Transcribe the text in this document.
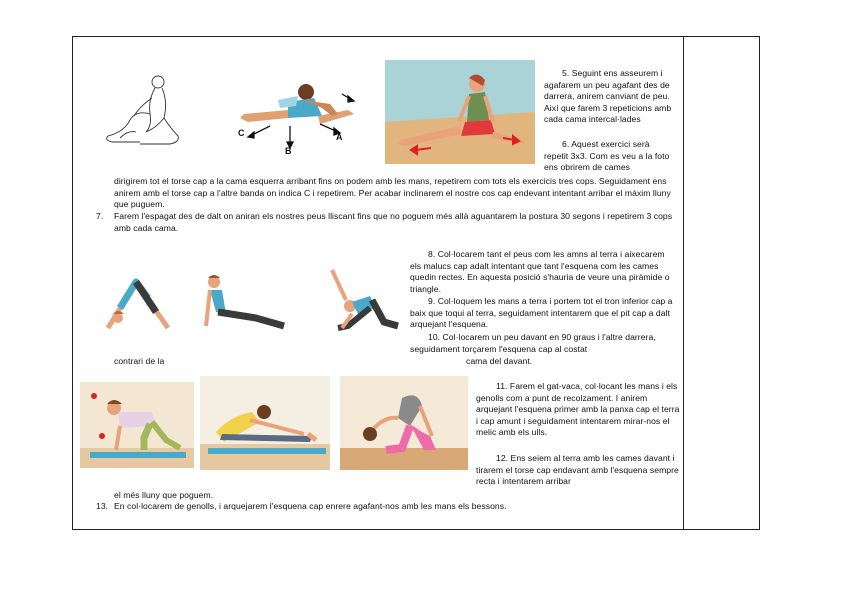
C
B
A
5. Seguint ens asseurem i agafarem un peu agafant des de darrera, anirem canviant de peu. Així que farem 3 repeticions amb cada cama intercal·lades
6. Aquest exercici serà repetit 3x3. Com es veu a la foto ens obrirem de cames
dirigirem tot el torse cap a la cama esquerra arribant fins on podem amb les mans, repetirem com tots els exercicis tres cops. Seguidament ens anirem amb el torse cap a l'altre banda on indica C i repetirem. Per acabar inclinarem el nostre cos cap endevant intentant arribar el màxim lluny que puguem.
7. Farem l'espagat des de dalt on aniran els nostres peus lliscant fins que no poguem més allà aguantarem la postura 30 segons i repetirem 3 cops amb cada cama.
8. Col·locarem tant el peus com les amns al terra i aixecarem els malucs cap adalt intentant que tant l'esquena com les cames quedin rectes. En aquesta posició s'hauria de veure una piràmide o triangle.
9. Col·loquem les mans a terra i portem tot el tron inferior cap a baix que toqui al terra, seguidament intentarem que el pit cap a dalt arquejant l'esquena.
10. Col·locarem un peu davant en 90 graus i l'altre darrera, seguidament torçarem l'esquena cap al costat
contrari de la	cama del davant.
11. Farem el gat-vaca, col·locant les mans i els genolls com a punt de recolzament. I anirem arquejant l'esquena primer amb la panxa cap el terra i cap amunt i seguidament intentarem mirar-nos el melic amb els ulls.
12. Ens seiem al terra amb les cames davant i tirarem el torse cap endavant amb l'esquena sempre recta i intentarem arribar
el més lluny que poguem.
13. En col·locarem de genolls, i arquejarem l'esquena cap enrere agafant-nos amb les mans els bessons.
